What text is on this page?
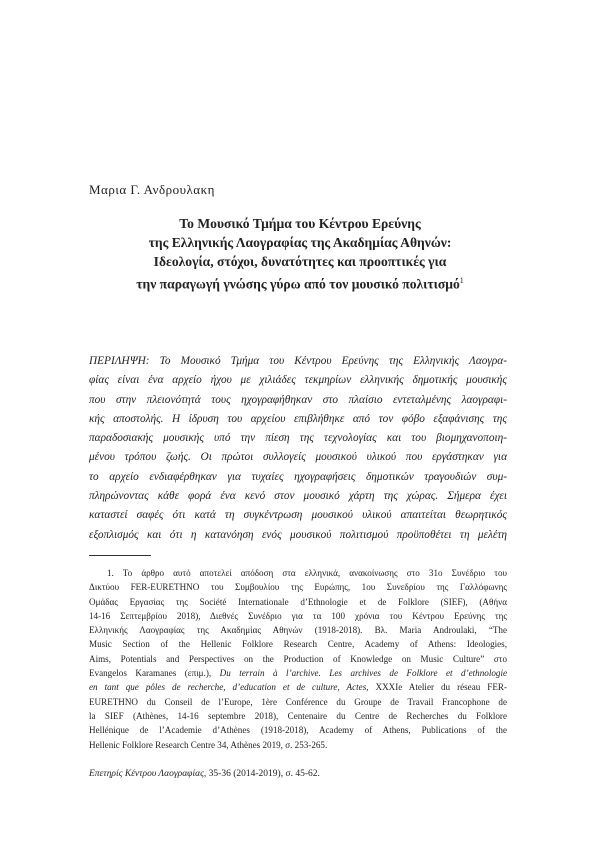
Μαρια Γ. Ανδρουλακη
Το Μουσικό Τμήμα του Κέντρου Ερεύνης
της Ελληνικής Λαογραφίας της Ακαδημίας Αθηνών:
Ιδεολογία, στόχοι, δυνατότητες και προοπτικές για
την παραγωγή γνώσης γύρω από τον μουσικό πολιτισμό$^1$
ΠΕΡΙΛΗΨΗ: Το Μουσικό Τμήμα του Κέντρου Ερεύνης της Ελληνικής Λαογρα-
φίας είναι ένα αρχείο ήχου με χιλιάδες τεκμηρίων ελληνικής δημοτικής μουσικής
που στην πλειονότητά τους ηχογραφήθηκαν στο πλαίσιο εντεταλμένης λαογραφι-
κής αποστολής. Η ίδρυση του αρχείου επιβλήθηκε από τον φόβο εξαφάνισης της
παραδοσιακής μουσικής υπό την πίεση της τεχνολογίας και του βιομηχανοποιη-
μένου τρόπου ζωής. Οι πρώτοι συλλογείς μουσικού υλικού που εργάστηκαν για
το αρχείο ενδιαφέρθηκαν για τυχαίες ηχογραφήσεις δημοτικών τραγουδιών συμ-
πληρώνοντας κάθε φορά ένα κενό στον μουσικό χάρτη της χώρας. Σήμερα έχει
καταστεί σαφές ότι κατά τη συγκέντρωση μουσικού υλικού απαιτείται θεωρητικός
εξοπλισμός και ότι η κατανόηση ενός μουσικού πολιτισμού προϋποθέτει τη μελέτη
1. Το άρθρο αυτό αποτελεί απόδοση στα ελληνικά, ανακοίνωσης στο 31ο Συνέδριο του
Δικτύου FER-EURETHNO του Συμβουλίου της Ευρώπης, 1ου Συνεδρίου της Γαλλόφωνης
Ομάδας Εργασίας της Société Internationale d’Ethnologie et de Folklore (SIEF), (Αθήνα
14-16 Σεπτεμβρίου 2018), Διεθνές Συνέδριο για τα 100 χρόνια του Κέντρου Ερεύνης της
Ελληνικής Λαογραφίας της Ακαδημίας Αθηνών (1918-2018). Βλ. Maria Androulaki, “The
Music Section of the Hellenic Folklore Research Centre, Academy of Athens: Ideologies,
Aims, Potentials and Perspectives on the Production of Knowledge on Music Culture” στο
Evangelos Karamanes (επιμ.), Du terrain à l’archive. Les archives de Folklore et d’ethnologie
en tant que pôles de recherche, d’education et de culture, Actes, XXXIe Atelier du réseau FER-
EURETHNO du Conseil de l’Europe, 1ère Conférence du Groupe de Travail Francophone de
la SIEF (Athènes, 14-16 septembre 2018), Centenaire du Centre de Recherches du Folklore
Hellénique de l’Academie d’Athènes (1918-2018), Academy of Athens, Publications of the
Hellenic Folklore Research Centre 34, Athènes 2019, σ. 253-265.
Επετηρίς Κέντρου Λαογραφίας, 35-36 (2014-2019), σ. 45-62.
